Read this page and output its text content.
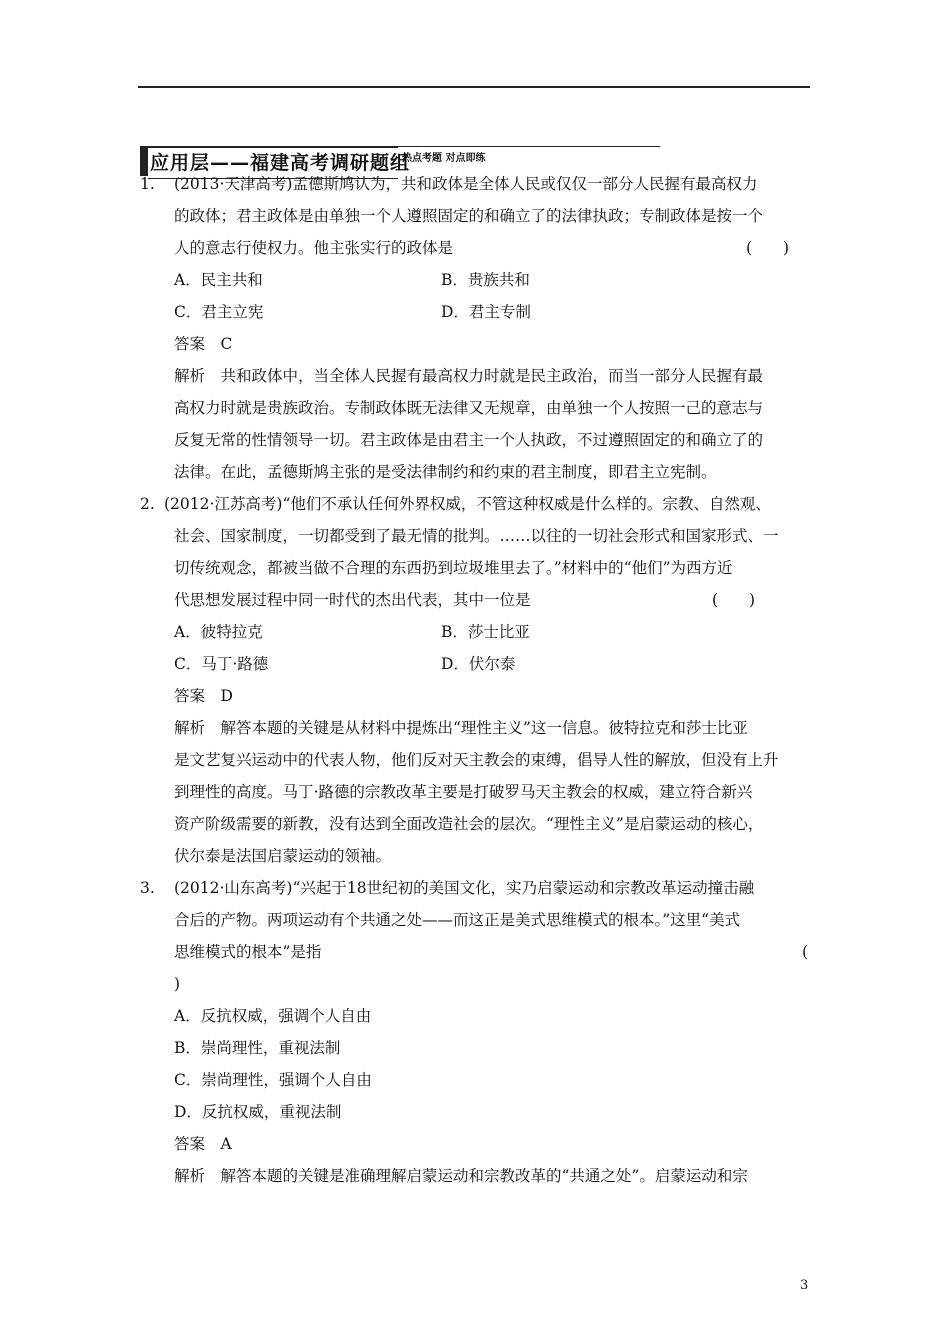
应用层——福建高考调研题组
热点考题 对点即练
1. (2013·天津高考)孟德斯鸠认为，共和政体是全体人民或仅仅一部分人民握有最高权力
的政体；君主政体是由单独一个人遵照固定的和确立了的法律执政；专制政体是按一个
人的意志行使权力。他主张实行的政体是	(　　)
A．民主共和	B．贵族共和
C．君主立宪	D．君主专制
答案　C
解析　共和政体中，当全体人民握有最高权力时就是民主政治，而当一部分人民握有最
高权力时就是贵族政治。专制政体既无法律又无规章，由单独一个人按照一己的意志与
反复无常的性情领导一切。君主政体是由君主一个人执政，不过遵照固定的和确立了的
法律。在此，孟德斯鸠主张的是受法律制约和约束的君主制度，即君主立宪制。
2. (2012·江苏高考)“他们不承认任何外界权威，不管这种权威是什么样的。宗教、自然观、
社会、国家制度，一切都受到了最无情的批判。……以往的一切社会形式和国家形式、一
切传统观念，都被当做不合理的东西扔到垃圾堆里去了。”材料中的“他们”为西方近
代思想发展过程中同一时代的杰出代表，其中一位是	(　　)
A．彼特拉克	B．莎士比亚
C．马丁·路德	D．伏尔泰
答案　D
解析　解答本题的关键是从材料中提炼出“理性主义”这一信息。彼特拉克和莎士比亚
是文艺复兴运动中的代表人物，他们反对天主教会的束缚，倡导人性的解放，但没有上升
到理性的高度。马丁·路德的宗教改革主要是打破罗马天主教会的权威，建立符合新兴
资产阶级需要的新教，没有达到全面改造社会的层次。“理性主义”是启蒙运动的核心，
伏尔泰是法国启蒙运动的领袖。
3. (2012·山东高考)“兴起于18世纪初的美国文化，实乃启蒙运动和宗教改革运动撞击融
合后的产物。两项运动有个共通之处——而这正是美式思维模式的根本。”这里“美式
思维模式的根本”是指	(
)
A．反抗权威，强调个人自由
B．崇尚理性，重视法制
C．崇尚理性，强调个人自由
D．反抗权威，重视法制
答案　A
解析　解答本题的关键是准确理解启蒙运动和宗教改革的“共通之处”。启蒙运动和宗
3
